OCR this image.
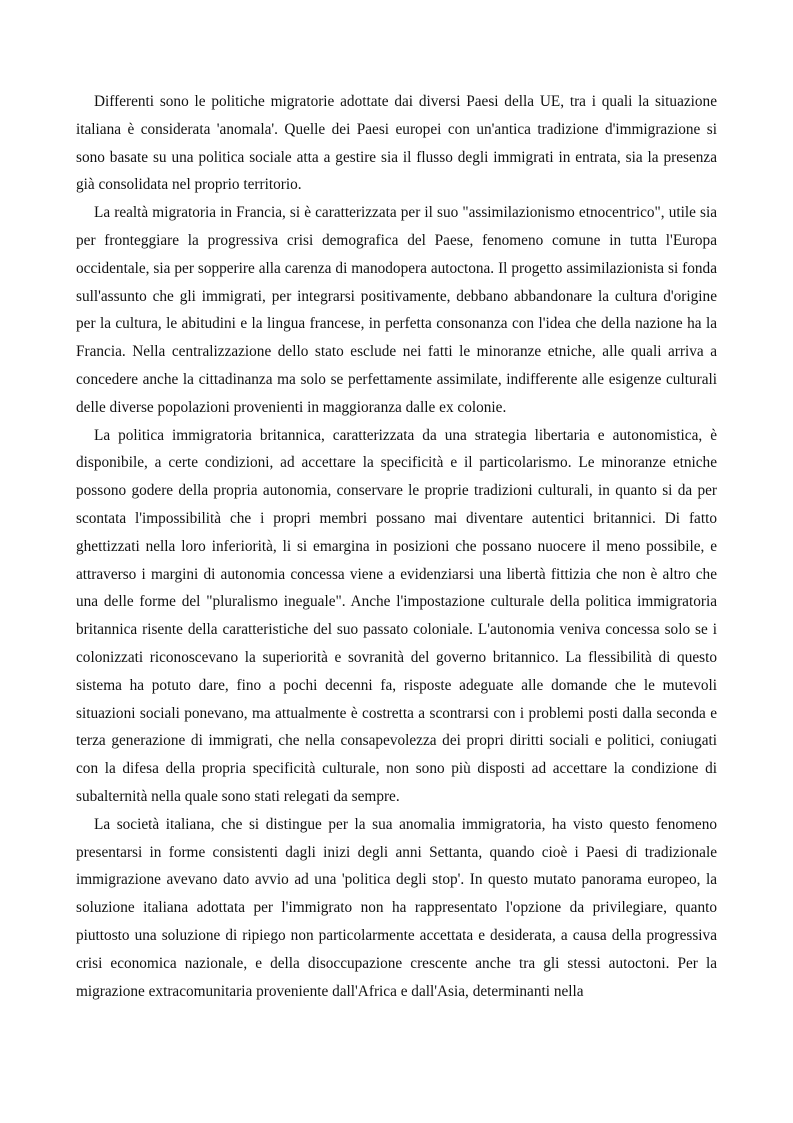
Differenti sono le politiche migratorie adottate dai diversi Paesi della UE, tra i quali la situazione italiana è considerata 'anomala'. Quelle dei Paesi europei con un'antica tradizione d'immigrazione si sono basate su una politica sociale atta a gestire sia il flusso degli immigrati in entrata, sia la presenza già consolidata nel proprio territorio.

La realtà migratoria in Francia, si è caratterizzata per il suo "assimilazionismo etnocentrico", utile sia per fronteggiare la progressiva crisi demografica del Paese, fenomeno comune in tutta l'Europa occidentale, sia per sopperire alla carenza di manodopera autoctona. Il progetto assimilazionista si fonda sull'assunto che gli immigrati, per integrarsi positivamente, debbano abbandonare la cultura d'origine per la cultura, le abitudini e la lingua francese, in perfetta consonanza con l'idea che della nazione ha la Francia. Nella centralizzazione dello stato esclude nei fatti le minoranze etniche, alle quali arriva a concedere anche la cittadinanza ma solo se perfettamente assimilate, indifferente alle esigenze culturali delle diverse popolazioni provenienti in maggioranza dalle ex colonie.

La politica immigratoria britannica, caratterizzata da una strategia libertaria e autonomistica, è disponibile, a certe condizioni, ad accettare la specificità e il particolarismo. Le minoranze etniche possono godere della propria autonomia, conservare le proprie tradizioni culturali, in quanto si da per scontata l'impossibilità che i propri membri possano mai diventare autentici britannici. Di fatto ghettizzati nella loro inferiorità, li si emargina in posizioni che possano nuocere il meno possibile, e attraverso i margini di autonomia concessa viene a evidenziarsi una libertà fittizia che non è altro che una delle forme del "pluralismo ineguale". Anche l'impostazione culturale della politica immigratoria britannica risente della caratteristiche del suo passato coloniale. L'autonomia veniva concessa solo se i colonizzati riconoscevano la superiorità e sovranità del governo britannico. La flessibilità di questo sistema ha potuto dare, fino a pochi decenni fa, risposte adeguate alle domande che le mutevoli situazioni sociali ponevano, ma attualmente è costretta a scontrarsi con i problemi posti dalla seconda e terza generazione di immigrati, che nella consapevolezza dei propri diritti sociali e politici, coniugati con la difesa della propria specificità culturale, non sono più disposti ad accettare la condizione di subalternità nella quale sono stati relegati da sempre.

La società italiana, che si distingue per la sua anomalia immigratoria, ha visto questo fenomeno presentarsi in forme consistenti dagli inizi degli anni Settanta, quando cioè i Paesi di tradizionale immigrazione avevano dato avvio ad una 'politica degli stop'. In questo mutato panorama europeo, la soluzione italiana adottata per l'immigrato non ha rappresentato l'opzione da privilegiare, quanto piuttosto una soluzione di ripiego non particolarmente accettata e desiderata, a causa della progressiva crisi economica nazionale, e della disoccupazione crescente anche tra gli stessi autoctoni. Per la migrazione extracomunitaria proveniente dall'Africa e dall'Asia, determinanti nella
